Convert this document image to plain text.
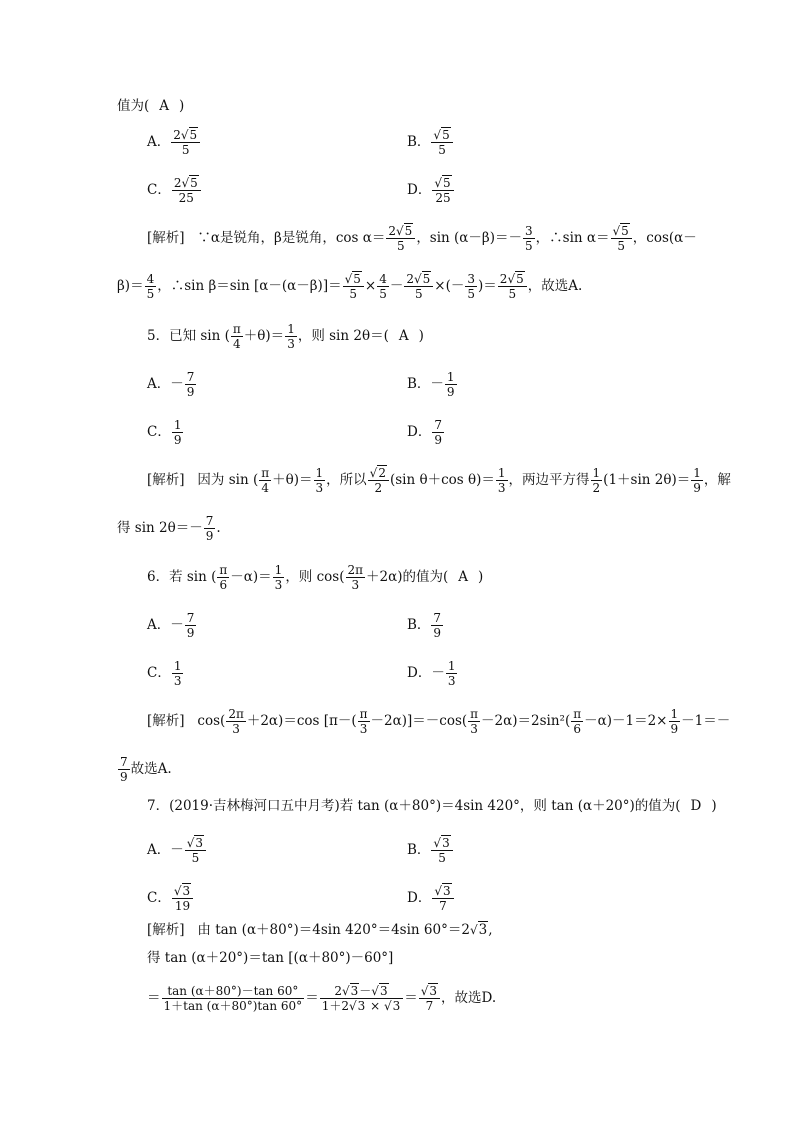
值为( A )
A． $\frac{2√5}{5}$	B． $\frac{√5}{5}$
C． $\frac{2√5}{25}$	D． $\frac{√5}{25}$
[解析] ∵α是锐角，β是锐角，$\cos \alpha= \frac{2√5}{5}$ ，$\sin (\alpha-\beta)=- \frac{3}{5}$ ，∴sin $\alpha= \frac{√5}{5}$ ，cos(α－
$\beta)= \frac{4}{5}$ ，∴sin β＝sin $[\alpha-(\alpha-\beta)]= \frac{√5}{5} \times \frac{4}{5} - \frac{2√5}{5}$ ×(－ $\frac{3}{5}$ )＝ $\frac{2√5}{5}$ ，故选A.
5．已知 sin ( $\frac{\pi}{4} +\theta)= \frac{1}{3}$ ，则 sin 2θ＝( A )
A．－ $\frac{7}{9}$	B．－ $\frac{1}{9}$
C． $\frac{1}{9}$	D． $\frac{7}{9}$
[解析] 因为 sin ( $\frac{\pi}{4} +\theta)= \frac{1}{3}$ ，所以 $\frac{√2}{2} (\sin$ θ＋cos $\theta)= \frac{1}{3}$ ，两边平方得 $\frac{1}{2} (1+\sin$ $2\theta)= \frac{1}{9}$ ，解
得 $\sin 2\theta=- \frac{7}{9}$ .
6．若 sin ( $\frac{\pi}{6} -\alpha)= \frac{1}{3}$ ，则 $\cos( \frac{2\pi}{3} +2\alpha)$的值为( A )
A．－ $\frac{7}{9}$	B． $\frac{7}{9}$
C． $\frac{1}{3}$	D．－ $\frac{1}{3}$
[解析] $\cos( \frac{2\pi}{3} +2\alpha)=\cos$ $[\pi-( \frac{\pi}{3} -2\alpha)]=-\cos( \frac{\pi}{3} -2\alpha)=2\sin^2( \frac{\pi}{6} -\alpha)-1=2\times \frac{1}{9} -1=-$
$\frac{7}{9}$ 故选A.
7．(2019·吉林梅河口五中月考)若 tan (α＋80°)＝4sin 420°，则 tan (α＋20°)的值为( D )
A．－ $\frac{√3}{5}$	B． $\frac{√3}{5}$
C． $\frac{√3}{19}$	D． $\frac{√3}{7}$
[解析] 由 tan (α＋80°)＝4sin 420°＝4sin 60°＝2√3,
得 tan (α＋20°)＝tan [(α＋80°)－60°]
＝ $\frac{\tan (\alpha+80^\circ)-\tan 60^\circ}{1+\tan (\alpha+80^\circ)\tan 60^\circ} = \frac{2√3-√3}{1+2√3 \times √3} = \frac{√3}{7}$ ，故选D.
